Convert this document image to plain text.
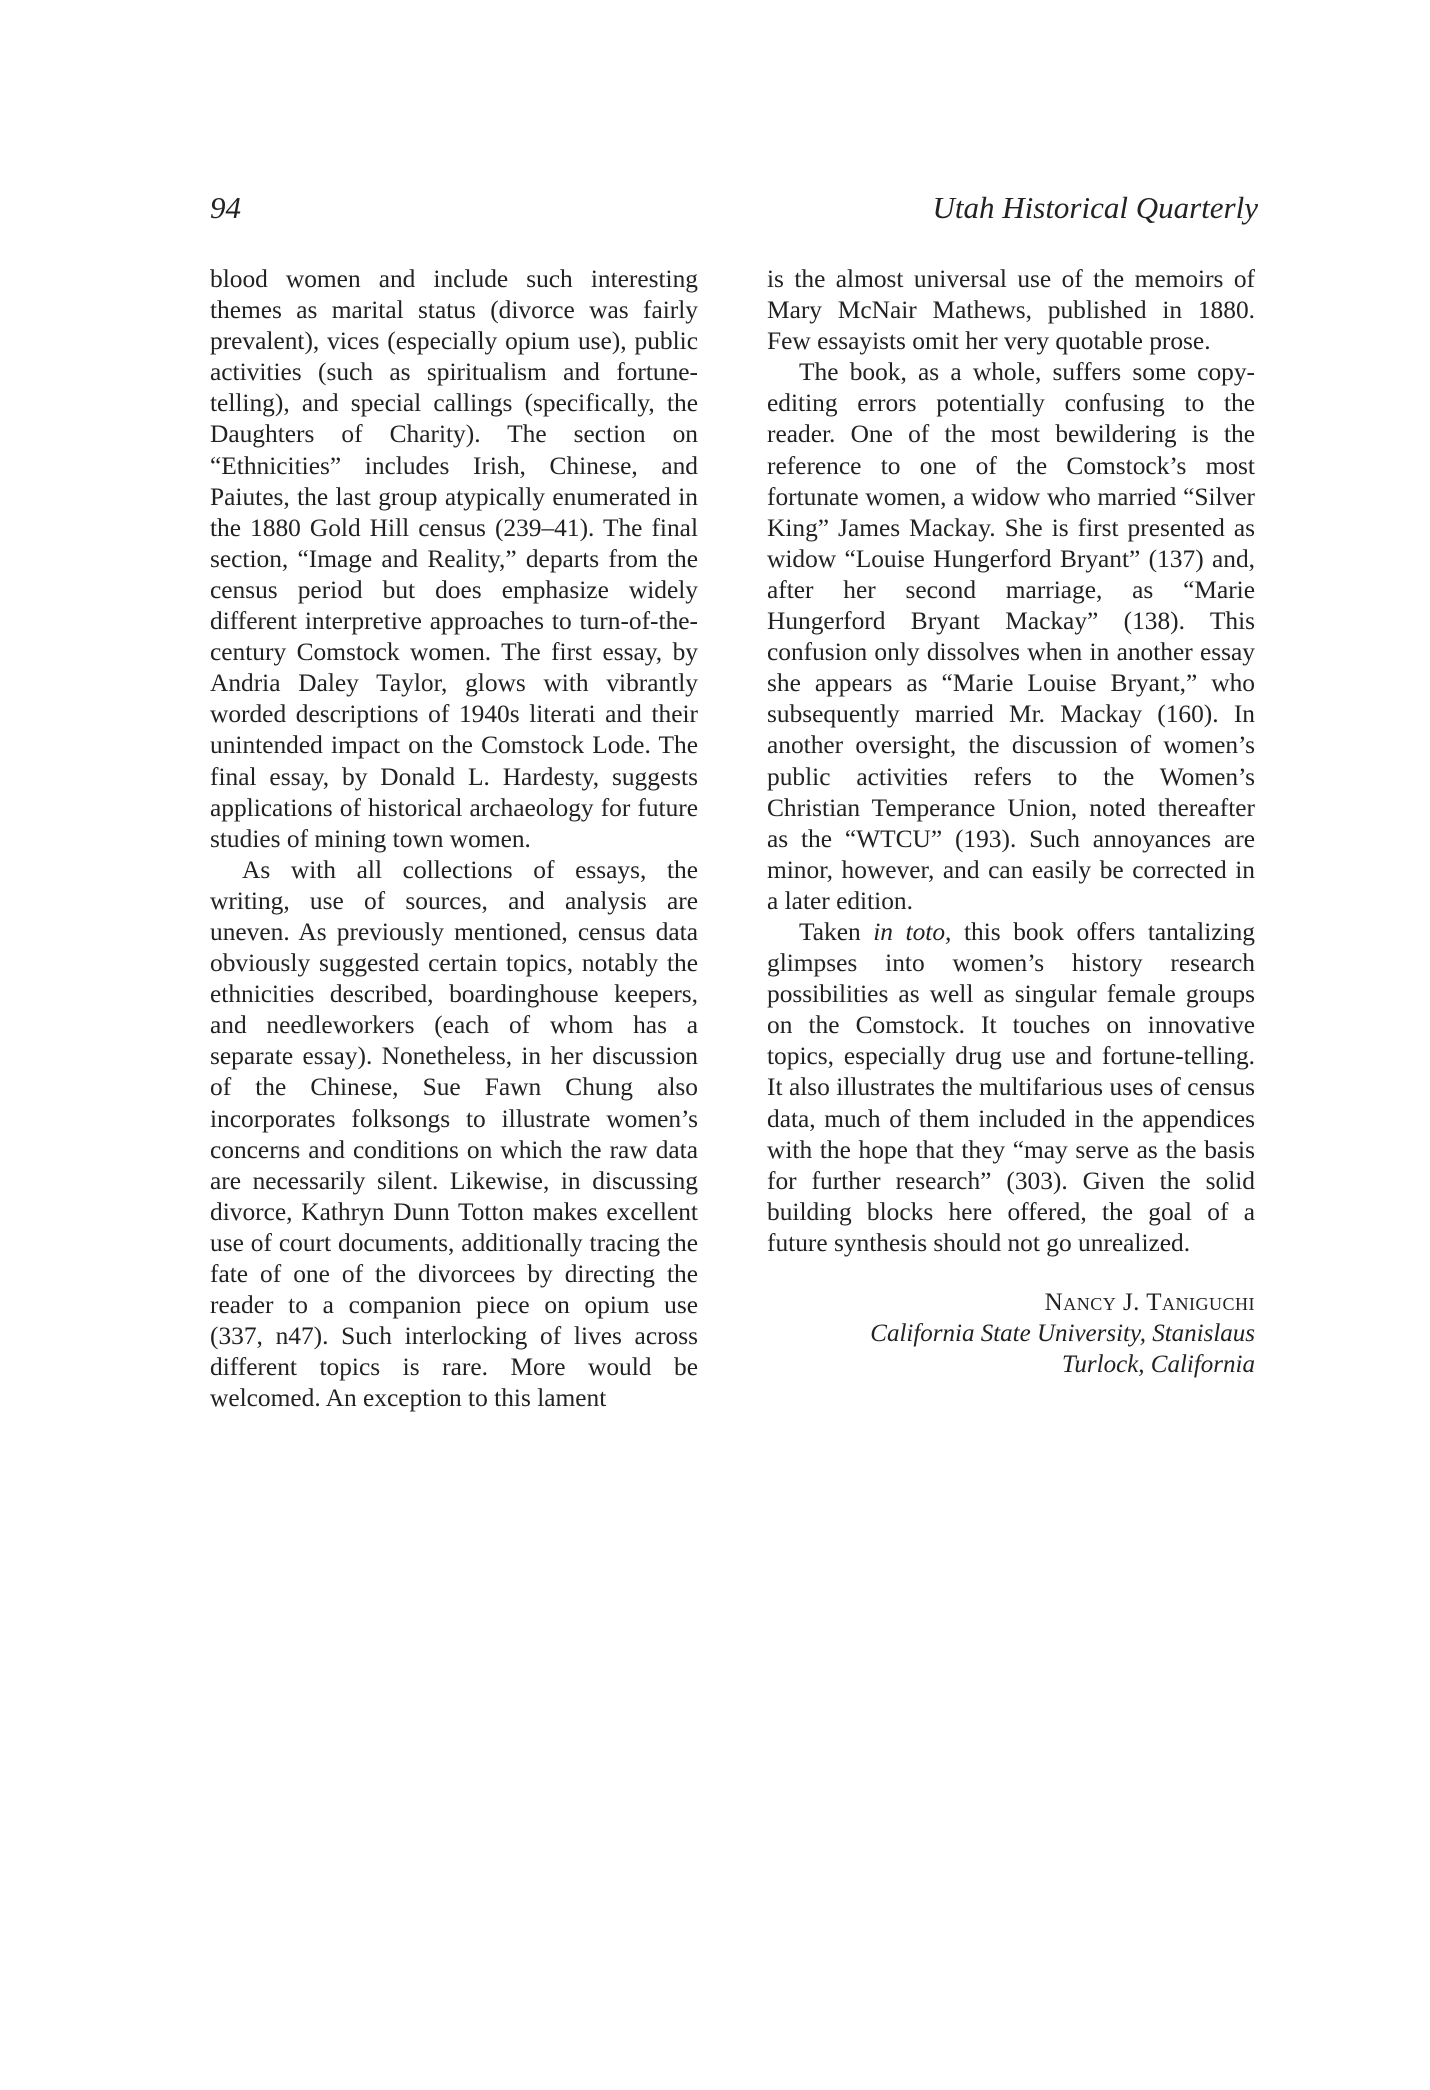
94	Utah Historical Quarterly

blood women and include such interesting themes as marital status (divorce was fairly prevalent), vices (especially opium use), public activities (such as spiritualism and fortune-telling), and special callings (specifically, the Daughters of Charity). The section on “Ethnicities” includes Irish, Chinese, and Paiutes, the last group atypically enumerated in the 1880 Gold Hill census (239–41). The final section, “Image and Reality,” departs from the census period but does emphasize widely different interpretive approaches to turn-of-the-century Comstock women. The first essay, by Andria Daley Taylor, glows with vibrantly worded descriptions of 1940s literati and their unintended impact on the Comstock Lode. The final essay, by Donald L. Hardesty, suggests applications of historical archaeology for future studies of mining town women.

As with all collections of essays, the writing, use of sources, and analysis are uneven. As previously mentioned, census data obviously suggested certain topics, notably the ethnicities described, boardinghouse keepers, and needleworkers (each of whom has a separate essay). Nonetheless, in her discussion of the Chinese, Sue Fawn Chung also incorporates folksongs to illustrate women’s concerns and conditions on which the raw data are necessarily silent. Likewise, in discussing divorce, Kathryn Dunn Totton makes excellent use of court documents, additionally tracing the fate of one of the divorcees by directing the reader to a companion piece on opium use (337, n47). Such interlocking of lives across different topics is rare. More would be welcomed. An exception to this lament

is the almost universal use of the memoirs of Mary McNair Mathews, published in 1880. Few essayists omit her very quotable prose.

The book, as a whole, suffers some copy-editing errors potentially confusing to the reader. One of the most bewildering is the reference to one of the Comstock’s most fortunate women, a widow who married “Silver King” James Mackay. She is first presented as widow “Louise Hungerford Bryant” (137) and, after her second marriage, as “Marie Hungerford Bryant Mackay” (138). This confusion only dissolves when in another essay she appears as “Marie Louise Bryant,” who subsequently married Mr. Mackay (160). In another oversight, the discussion of women’s public activities refers to the Women’s Christian Temperance Union, noted thereafter as the “WTCU” (193). Such annoyances are minor, however, and can easily be corrected in a later edition.

Taken in toto, this book offers tantalizing glimpses into women’s history research possibilities as well as singular female groups on the Comstock. It touches on innovative topics, especially drug use and fortune-telling. It also illustrates the multifarious uses of census data, much of them included in the appendices with the hope that they “may serve as the basis for further research” (303). Given the solid building blocks here offered, the goal of a future synthesis should not go unrealized.

Nancy J. Taniguchi
California State University, Stanislaus
Turlock, California
